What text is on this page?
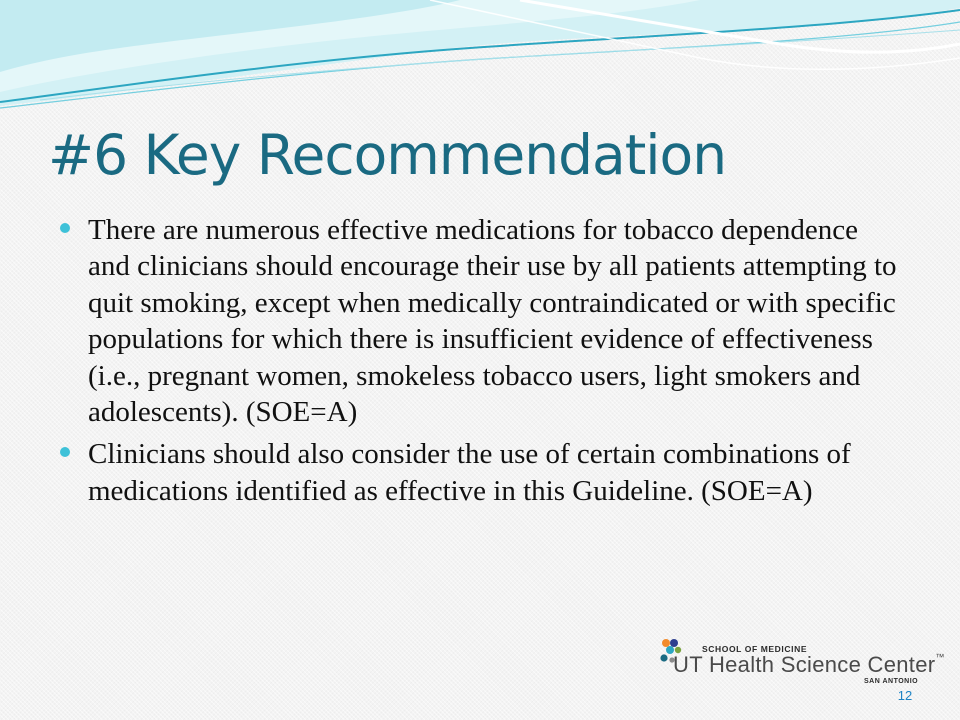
#6 Key Recommendation
There are numerous effective medications for tobacco dependence and clinicians should encourage their use by all patients attempting to quit smoking, except when medically contraindicated or with specific populations for which there is insufficient evidence of effectiveness (i.e., pregnant women, smokeless tobacco users, light smokers and adolescents). (SOE=A)
Clinicians should also consider the use of certain combinations of medications identified as effective in this Guideline. (SOE=A)
SCHOOL OF MEDICINE
UT Health Science Center™
SAN ANTONIO
12
